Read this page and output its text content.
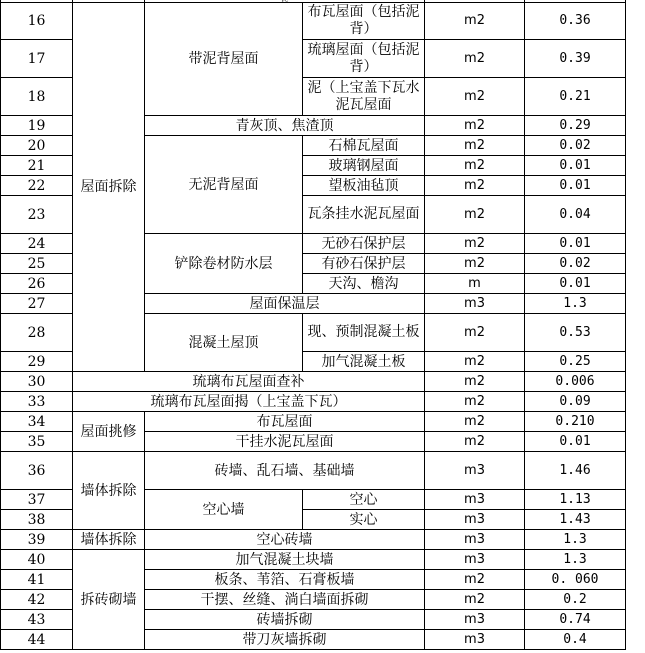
16	屋面拆除	带泥背屋面	布瓦屋面（包括泥背）	m2	0.36
17			琉璃屋面（包括泥背）	m2	0.39
18			泥（上宝盖下瓦水泥瓦屋面	m2	0.21
19		青灰顶、焦渣顶		m2	0.29
20		无泥背屋面	石棉瓦屋面	m2	0.02
21			玻璃钢屋面	m2	0.01
22			望板油毡顶	m2	0.01
23			瓦条挂水泥瓦屋面	m2	0.04
24		铲除卷材防水层	无砂石保护层	m2	0.01
25			有砂石保护层	m2	0.02
26			天沟、檐沟	m	0.01
27		屋面保温层		m3	1.3
28		混凝土屋顶	现、预制混凝土板	m2	0.53
29			加气混凝土板	m2	0.25
30	琉璃布瓦屋面查补			m2	0.006
33	琉璃布瓦屋面揭（上宝盖下瓦）			m2	0.09
34	屋面挑修	布瓦屋面		m2	0.210
35		干挂水泥瓦屋面		m2	0.01
36	墙体拆除	砖墙、乱石墙、基础墙		m3	1.46
37		空心墙	空心	m3	1.13
38			实心	m3	1.43
39	墙体拆除	空心砖墙		m3	1.3
40	拆砖砌墙	加气混凝土块墙		m3	1.3
41		板条、苇箔、石膏板墙		m2	0. 060
42		干摆、丝缝、淌白墙面拆砌		m2	0.2
43		砖墙拆砌		m3	0.74
44		带刀灰墙拆砌		m3	0.4
